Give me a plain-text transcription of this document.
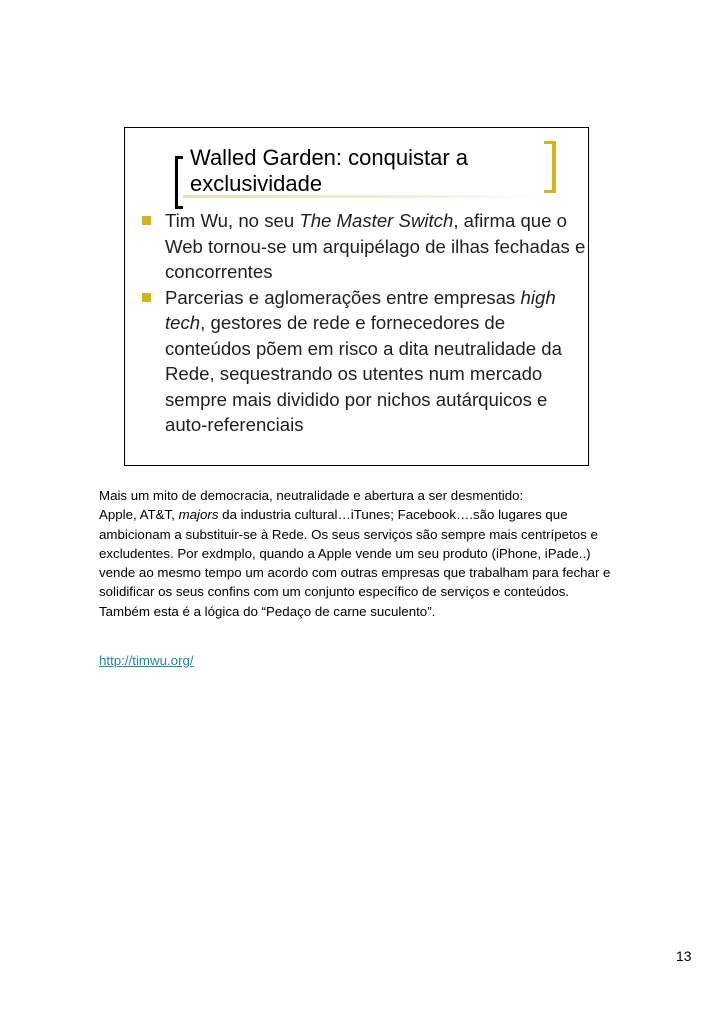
Walled Garden: conquistar a exclusividade
Tim Wu, no seu The Master Switch, afirma que o Web tornou-se um arquipélago de ilhas fechadas e concorrentes
Parcerias e aglomerações entre empresas high tech, gestores de rede e fornecedores de conteúdos põem em risco a dita neutralidade da Rede, sequestrando os utentes num mercado sempre mais dividido por nichos autárquicos e auto-referenciais

Mais um mito de democracia, neutralidade e abertura a ser desmentido:
Apple, AT&T, majors da industria cultural…iTunes; Facebook….são lugares que ambicionam a substituir-se à Rede. Os seus serviços são sempre mais centrípetos e excludentes. Por exdmplo, quando a Apple vende um seu produto (iPhone, iPade..) vende ao mesmo tempo um acordo com outras empresas que trabalham para fechar e solidificar os seus confins com um conjunto específico de serviços e conteúdos. Também esta é a lógica do “Pedaço de carne suculento”.

http://timwu.org/
13
